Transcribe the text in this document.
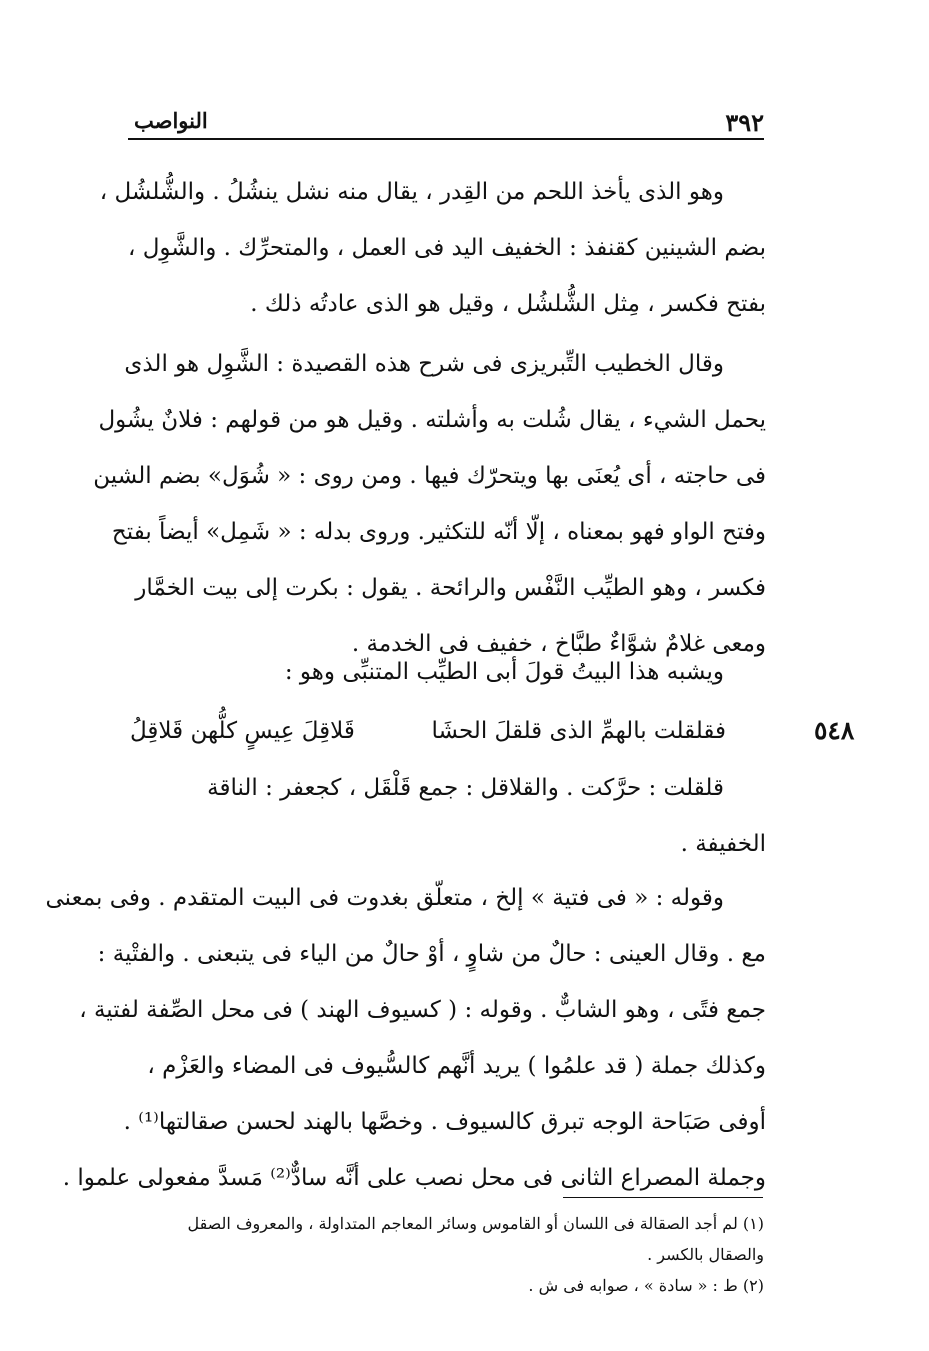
٣٩٢
النواصب
٥٤٨
وهو الذى يأخذ اللحم من القِدر ، يقال منه نشل ينشُلُ . والشُّلشُل ،
بضم الشينين كقنفذ : الخفيف اليد فى العمل ، والمتحرِّك . والشَّوِل ،
بفتح فكسر ، مِثل الشُّلشُل ، وقيل هو الذى عادتُه ذلك .
وقال الخطيب التِّبريزى فى شرح هذه القصيدة : الشَّوِل هو الذى
يحمل الشيء ، يقال شُلت به وأشلته . وقيل هو من قولهم : فلانٌ يشُول
فى حاجته ، أى يُعنَى بها ويتحرّك فيها . ومن روى : « شُوَل» بضم الشين
وفتح الواو فهو بمعناه ، إلّا أنّه للتكثير. وروى بدله : « شَمِل» أيضاً بفتح
فكسر ، وهو الطيِّب النَّفْس والرائحة . يقول : بكرت إلى بيت الخمَّار
ومعى غلامٌ شوَّاءٌ طبَّاخ ، خفيف فى الخدمة .
ويشبه هذا البيتُ قولَ أبى الطيِّب المتنبِّى وهو :
فقلقلت بالهمِّ الذى قلقلَ الحشَا
قَلاقِلَ عِيسٍ كلُّهن قَلاقِلُ
قلقلت : حرَّكت . والقلاقل : جمع قَلْقَل ، كجعفر : الناقة
الخفيفة .
وقوله : « فى فتية » إلخ ، متعلّق بغدوت فى البيت المتقدم . وفى بمعنى
مع . وقال العينى : حالٌ من شاوٍ ، أوْ حالٌ من الياء فى يتبعنى . والفتْية :
جمع فتًى ، وهو الشابٌّ . وقوله : ( كسيوف الهند ) فى محل الصِّفة لفتية ،
وكذلك جملة ( قد علمُوا ) يريد أنَّهم كالسُّيوف فى المضاء والعَزْم ،
أوفى صَبَاحة الوجه تبرق كالسيوف . وخصَّها بالهند لحسن صقالتها⁽¹⁾ .
وجملة المصراع الثانى فى محل نصب على أنَّه سادٌّ⁽²⁾ مَسدَّ مفعولى علموا .
(١) لم أجد الصقالة فى اللسان أو القاموس وسائر المعاجم المتداولة ، والمعروف الصقل
والصقال بالكسر .
(٢) ط : « سادة » ، صوابه فى ش .
